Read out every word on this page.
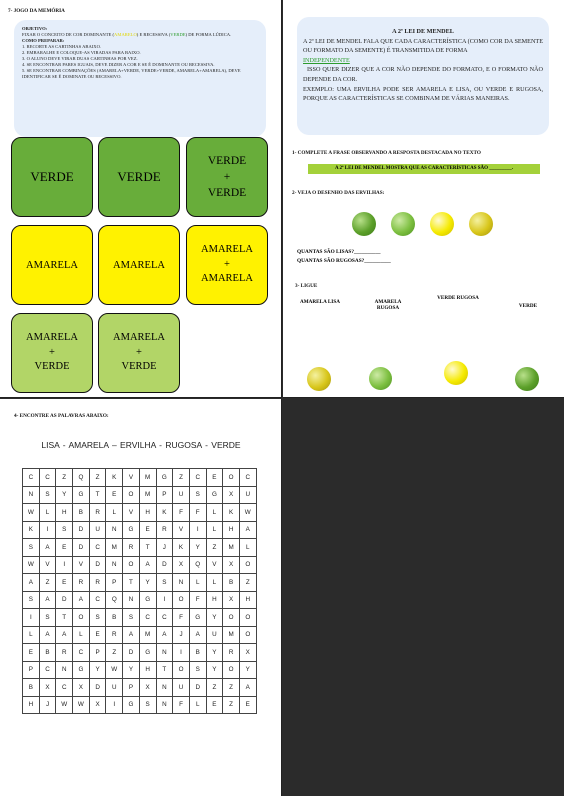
7- JOGO DA MEMÓRIA

OBJETIVO:

FIXAR O CONCEITO DE COR DOMINANTE (AMARELO) E RECESSIVA (VERDE) DE FORMA LÚDICA.

COMO PREPARAR:

1. RECORTE AS CARTINHAS ABAIXO.

2. EMBARALHE E COLOQUE-AS VIRADAS PARA BAIXO.

3. O ALUNO DEVE VIRAR DUAS CARTINHAS POR VEZ.

4. SE ENCONTRAR PARES IGUAIS, DEVE DIZER A COR E SE É DOMINANTE OU RECESSIVA.

5. SE ENCONTRAR COMBINAÇÕES (AMARELA+VERDE, VERDE+VERDE, AMARELA+AMARELA), DEVE IDENTIFICAR SE É DOMINATE OU RECESSIVO.

VERDE	VERDE
VERDE
+
VERDE
AMARELA	AMARELA
AMARELA
+
AMARELA
AMARELA
+
VERDE
AMARELA
+
VERDE
A 2ª LEI DE MENDEL
A 2ª LEI DE MENDEL FALA QUE CADA CARACTERÍSTICA (COMO COR DA SEMENTE OU FORMATO DA SEMENTE) É TRANSMITIDA DE FORMA
INDEPENDENTE
ISSO QUER DIZER QUE A COR NÃO DEPENDE DO FORMATO, E O FORMATO NÃO DEPENDE DA COR.
EXEMPLO: UMA ERVILHA PODE SER AMARELA E LISA, OU VERDE E RUGOSA, PORQUE AS CARACTERÍSTICAS SE COMBINAM DE VÁRIAS MANEIRAS.
1- COMPLETE A FRASE OBSERVANDO A RESPOSTA DESTACADA NO TEXTO
A 2ª LEI DE MENDEL MOSTRA QUE AS CARACTERÍSTICAS SÃO _________.
2- VEJA O DESENHO DAS ERVILHAS:
QUANTAS SÃO LISAS?__________
QUANTAS SÃO RUGOSAS?__________
3- LIGUE
AMARELA LISA	AMARELA RUGOSA
VERDE RUGOSA
VERDE
4- ENCONTRE AS PALAVRAS ABAIXO:
LISA - AMARELA – ERVILHA - RUGOSA - VERDE
C	C	Z	Q	Z	K	V	M	G	Z	C	E	O	C
N	S	Y	G	T	E	O	M	P	U	S	G	X	U
W	L	H	B	R	L	V	H	K	F	F	L	K	W
K	I	S	D	U	N	G	E	R	V	I	L	H	A
S	A	E	D	C	M	R	T	J	K	Y	Z	M	L
W	V	I	V	D	N	O	A	D	X	Q	V	X	O
A	Z	E	R	R	P	T	Y	S	N	L	L	B	Z
S	A	D	A	C	Q	N	G	I	O	F	H	X	H
I	S	T	O	S	B	S	C	C	F	G	Y	O	O
L	A	A	L	E	R	A	M	A	J	A	U	M	O
E	B	R	C	P	Z	D	G	N	I	B	Y	R	X
P	C	N	G	Y	W	Y	H	T	O	S	Y	O	Y
B	X	C	X	D	U	P	X	N	U	D	Z	Z	A
H	J	W	W	X	I	G	S	N	F	L	E	Z	E
